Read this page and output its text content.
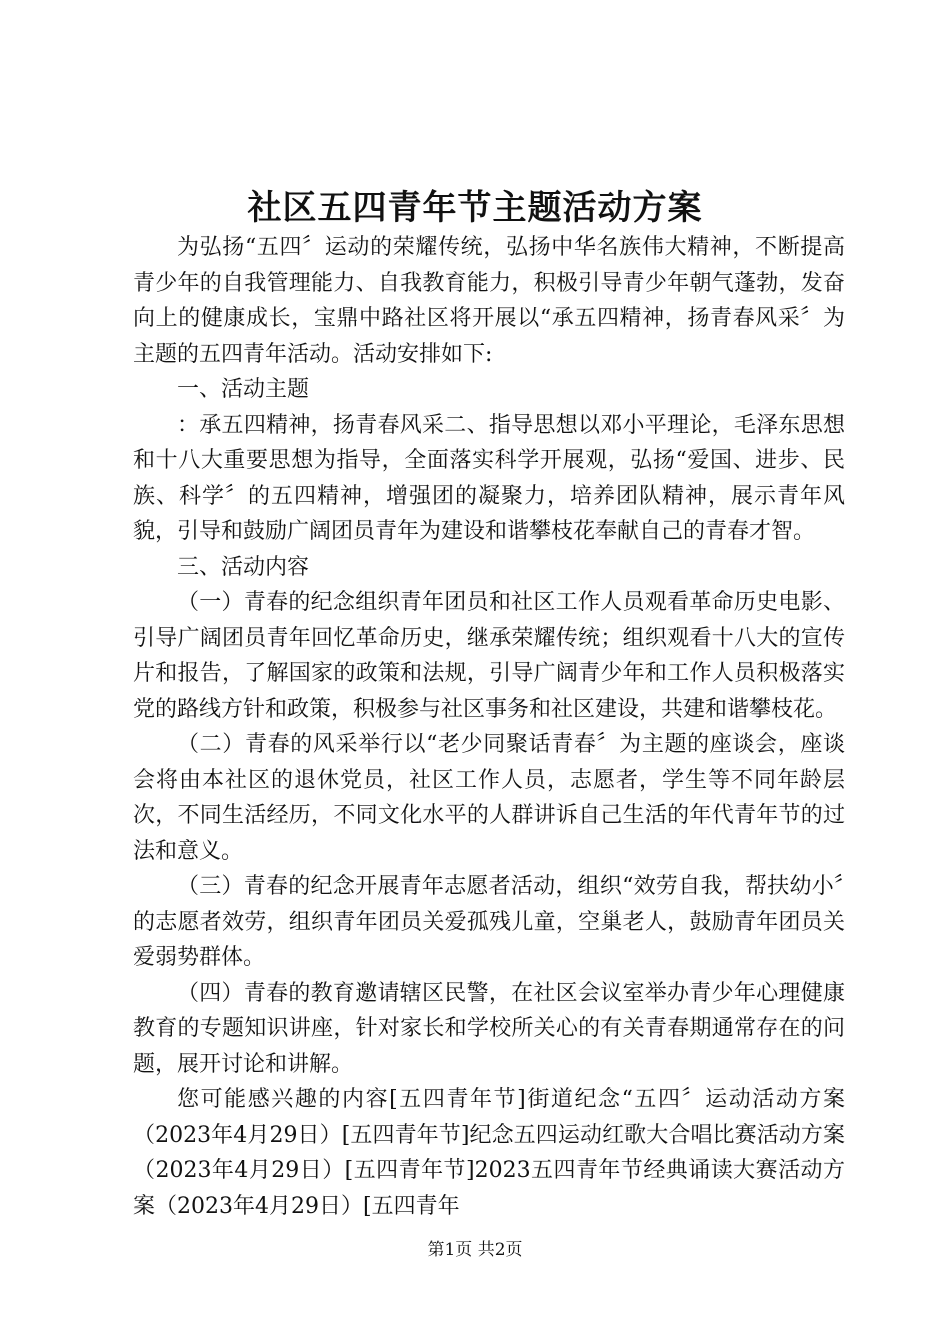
社区五四青年节主题活动方案

为弘扬“五四〞运动的荣耀传统，弘扬中华名族伟大精神，不断提高青少年的自我管理能力、自我教育能力，积极引导青少年朝气蓬勃，发奋向上的健康成长，宝鼎中路社区将开展以“承五四精神，扬青春风采〞为主题的五四青年活动。活动安排如下:

一、活动主题

：承五四精神，扬青春风采二、指导思想以邓小平理论，毛泽东思想和十八大重要思想为指导，全面落实科学开展观，弘扬“爱国、进步、民族、科学〞的五四精神，增强团的凝聚力，培养团队精神，展示青年风貌，引导和鼓励广阔团员青年为建设和谐攀枝花奉献自己的青春才智。

三、活动内容

（一）青春的纪念组织青年团员和社区工作人员观看革命历史电影、引导广阔团员青年回忆革命历史，继承荣耀传统；组织观看十八大的宣传片和报告，了解国家的政策和法规，引导广阔青少年和工作人员积极落实党的路线方针和政策，积极参与社区事务和社区建设，共建和谐攀枝花。

（二）青春的风采举行以“老少同聚话青春〞为主题的座谈会，座谈会将由本社区的退休党员，社区工作人员，志愿者，学生等不同年龄层次，不同生活经历，不同文化水平的人群讲诉自己生活的年代青年节的过法和意义。

（三）青春的纪念开展青年志愿者活动，组织“效劳自我，帮扶幼小〞的志愿者效劳，组织青年团员关爱孤残儿童，空巢老人，鼓励青年团员关爱弱势群体。

（四）青春的教育邀请辖区民警，在社区会议室举办青少年心理健康教育的专题知识讲座，针对家长和学校所关心的有关青春期通常存在的问题，展开讨论和讲解。

您可能感兴趣的内容[五四青年节]街道纪念“五四〞运动活动方案（2023年4月29日）[五四青年节]纪念五四运动红歌大合唱比赛活动方案（2023年4月29日）[五四青年节]2023五四青年节经典诵读大赛活动方案（2023年4月29日）[五四青年

第1页 共2页
